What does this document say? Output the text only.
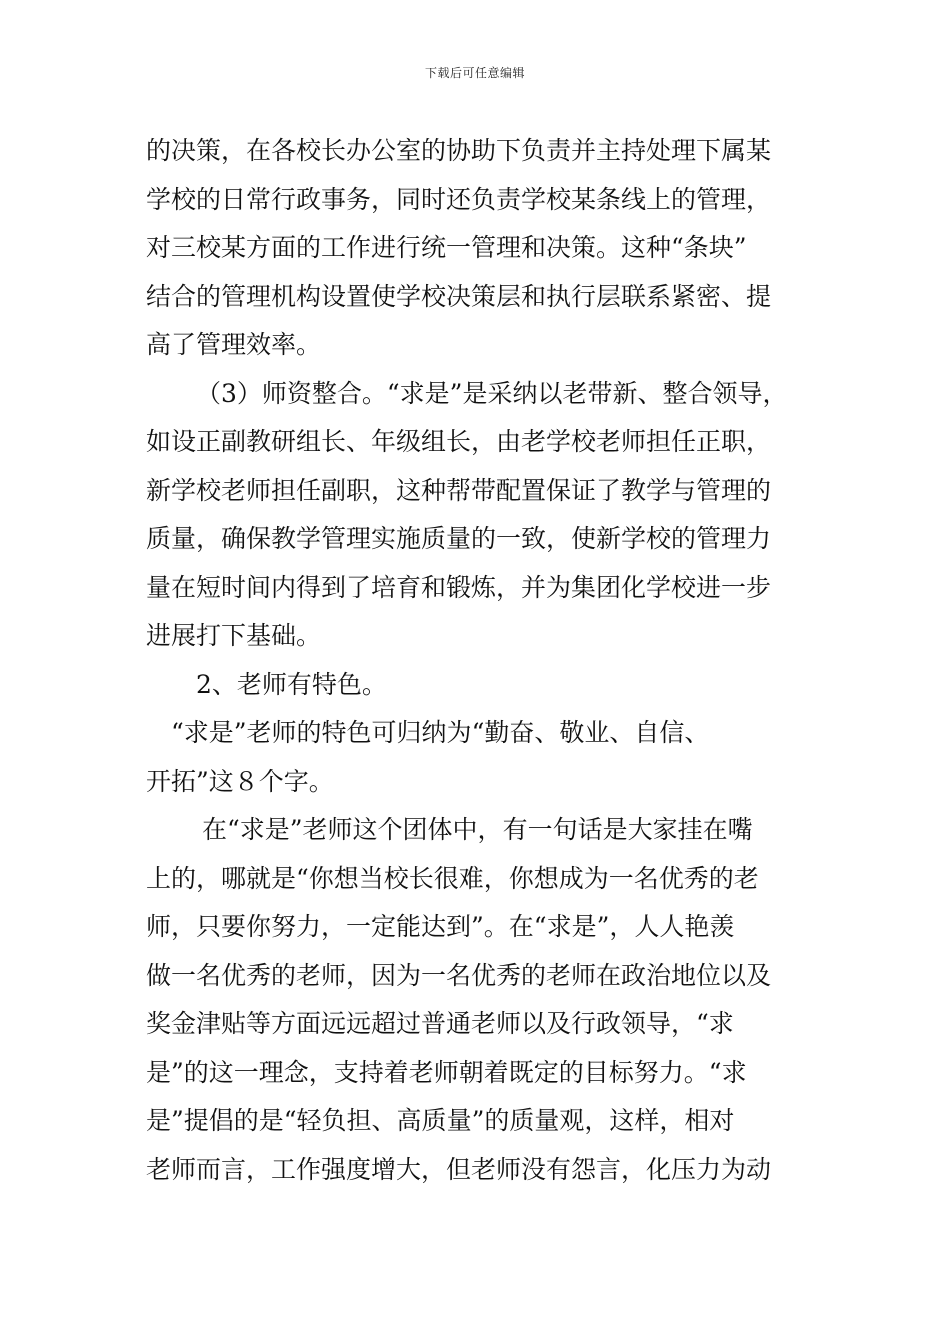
下载后可任意编辑
的决策，在各校长办公室的协助下负责并主持处理下属某
学校的日常行政事务，同时还负责学校某条线上的管理，
对三校某方面的工作进行统一管理和决策。这种“条块”
结合的管理机构设置使学校决策层和执行层联系紧密、提
高了管理效率。
（3）师资整合。“求是”是采纳以老带新、整合领导，
如设正副教研组长、年级组长，由老学校老师担任正职，
新学校老师担任副职，这种帮带配置保证了教学与管理的
质量，确保教学管理实施质量的一致，使新学校的管理力
量在短时间内得到了培育和锻炼，并为集团化学校进一步
进展打下基础。
2、老师有特色。
“求是”老师的特色可归纳为“勤奋、敬业、自信、
开拓”这８个字。
在“求是”老师这个团体中，有一句话是大家挂在嘴
上的，哪就是“你想当校长很难，你想成为一名优秀的老
师，只要你努力，一定能达到”。在“求是”，人人艳羡
做一名优秀的老师，因为一名优秀的老师在政治地位以及
奖金津贴等方面远远超过普通老师以及行政领导，“求
是”的这一理念，支持着老师朝着既定的目标努力。“求
是”提倡的是“轻负担、高质量”的质量观，这样，相对
老师而言，工作强度增大，但老师没有怨言，化压力为动
